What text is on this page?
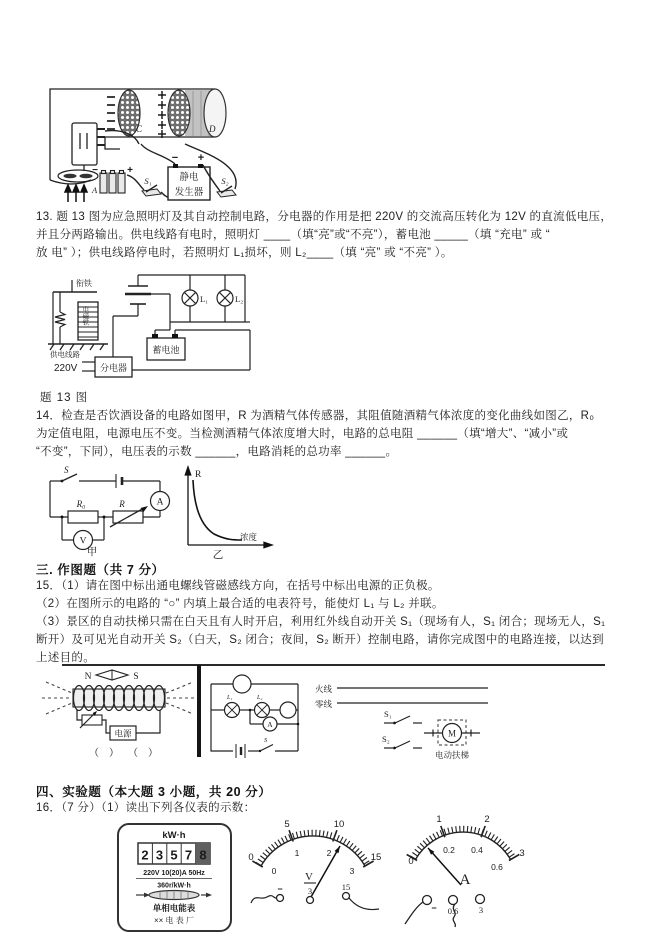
C	D
−	+
A
S₁	静电
发生器
− +
S₂
13. 题 13 图为应急照明灯及其自动控制电路，分电器的作用是把 220V 的交流高压转化为 12V 的直流低电压，
并且分两路输出。供电线路有电时，照明灯 ____（填“亮”或“不亮”），蓄电池 _____（填 “充电” 或 “
放 电” ）；供电线路停电时，若照明灯 L₁损坏，则 L₂____（填 “亮” 或 “不亮” ）。
衔铁
电磁铁
供电线路
220V	分电器
L₁	L₂
蓄电池
题 13 图
14．检查是否饮酒设备的电路如图甲，R 为酒精气体传感器，其阻值随酒精气体浓度的变化曲线如图乙，R₀
为定值电阻，电源电压不变。当检测酒精气体浓度增大时，电路的总电阻 ______（填“增大”、“减小”或
“不变”，下同），电压表的示数 ______，电路消耗的总功率 ______。
S
A
R₀	R
V
甲
R
浓度
乙
三. 作图题（共 7 分）
15．（1）请在图中标出通电螺线管磁感线方向，在括号中标出电源的正负极。
（2）在图所示的电路的 “○” 内填上最合适的电表符号，能使灯 L₁ 与 L₂ 并联。
（3）景区的自动扶梯只需在白天且有人时开启，利用红外线自动开关 S₁（现场有人，S₁ 闭合；现场无人，S₁
断开）及可见光自动开关 S₂（白天，S₂ 闭合；夜间，S₂ 断开）控制电路，请你完成图中的电路连接，以达到
上述目的。
N	S
电源
（　） （　）
L₁	L₂
A
S
火线
零线
S₁
S₂
M
电动扶梯
四、实验题（本大题 3 小题，共 20 分）
16．（7 分）（1）读出下列各仪表的示数：
kW·h
2 3 5 7 8
220V 10(20)A 50Hz
360r/kW·h
单相电能表
×× 电 表 厂
0
5	10
15
0
1	2
3
V
−	3	15
0
1	2
3
0.2 0.4
0.6
A
− 0.6 3
